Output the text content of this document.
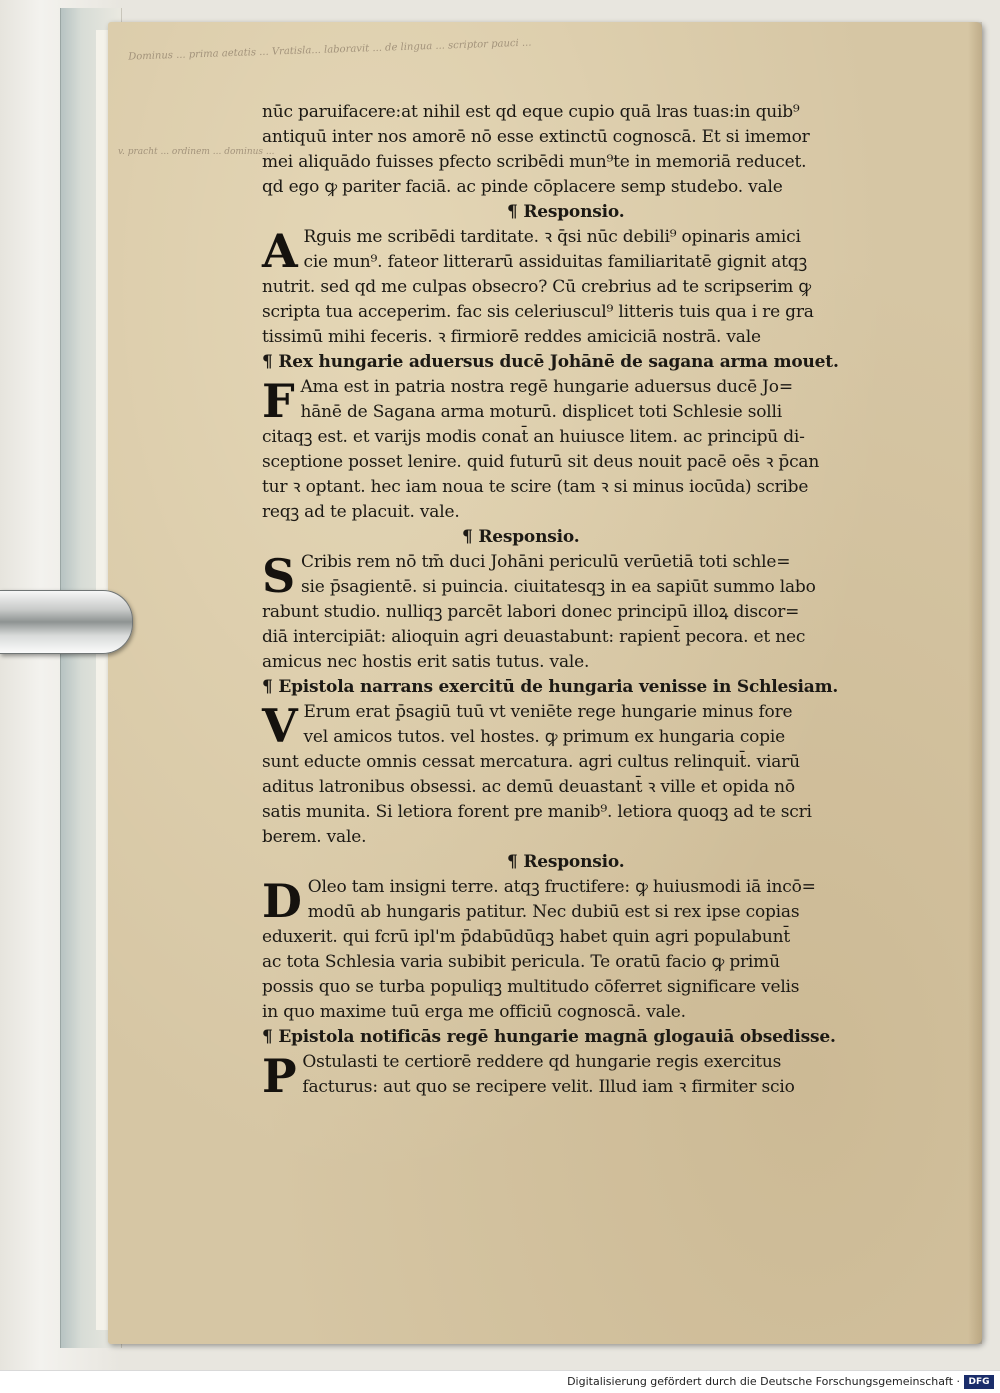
Dominus ... prima aetatis ... Vratisla... laboravit ... de lingua ... scriptor pauci ...
v. pracht ... ordinem ... dominus ...
nūc paruifacere:at nihil est qd eque cupio quā lras tuas:in quib⁹
antiquū inter nos amorē nō esse extinctū cognoscā. Et si imemor
mei aliquādo fuisses pfecto scribēdi mun⁹te in memoriā reducet.
qd ego ꝙ pariter faciā. ac pinde cōplacere semp studebo. vale
¶ Responsio.
A Rguis me scribēdi tarditate. ꝛ q̄si nūc debili⁹ opinaris amici
cie mun⁹. fateor litterarū assiduitas familiaritatē gignit atqꝫ
nutrit. sed qd me culpas obsecro? Cū crebrius ad te scripserim ꝙ
scripta tua acceperim. fac sis celeriuscul⁹ litteris tuis qua i re gra
tissimū mihi feceris. ꝛ firmiorē reddes amiciciā nostrā. vale
¶ Rex hungarie aduersus ducē Johānē de sagana arma mouet.
F Ama est in patria nostra regē hungarie aduersus ducē Jo=
hānē de Sagana arma moturū. displicet toti Schlesie solli
citaqꝫ est. et varijs modis conat̄ an huiusce litem. ac principū di-
sceptione posset lenire. quid futurū sit deus nouit pacē oēs ꝛ p̄can
tur ꝛ optant. hec iam noua te scire (tam ꝛ si minus iocūda) scribe
reqꝫ ad te placuit. vale.
¶ Responsio.
S Cribis rem nō tm̄ duci Johāni periculū verūetiā toti schle=
sie p̄sagientē. si puincia. ciuitatesqꝫ in ea sapiūt summo labo
rabunt studio. nulliqꝫ parcēt labori donec principū illoꝝ discor=
diā intercipiāt: alioquin agri deuastabunt: rapient̄ pecora. et nec
amicus nec hostis erit satis tutus. vale.
¶ Epistola narrans exercitū de hungaria venisse in Schlesiam.
V Erum erat p̄sagiū tuū vt veniēte rege hungarie minus fore
vel amicos tutos. vel hostes. ꝙ primum ex hungaria copie
sunt educte omnis cessat mercatura. agri cultus relinquit̄. viarū
aditus latronibus obsessi. ac demū deuastant̄ ꝛ ville et opida nō
satis munita. Si letiora forent pre manib⁹. letiora quoqꝫ ad te scri
berem. vale.
¶ Responsio.
D Oleo tam insigni terre. atqꝫ fructifere: ꝙ huiusmodi iā incō=
modū ab hungaris patitur. Nec dubiū est si rex ipse copias
eduxerit. qui fcrū ipl'm p̄dabūdūqꝫ habet quin agri populabunt̄
ac tota Schlesia varia subibit pericula. Te oratū facio ꝙ primū
possis quo se turba populiqꝫ multitudo cōferret significare velis
in quo maxime tuū erga me officiū cognoscā. vale.
¶ Epistola notificās regē hungarie magnā glogauiā obsedisse.
P Ostulasti te certiorē reddere qd hungarie regis exercitus
facturus: aut quo se recipere velit. Illud iam ꝛ firmiter scio
Digitalisierung gefördert durch die Deutsche Forschungsgemeinschaft · DFG
